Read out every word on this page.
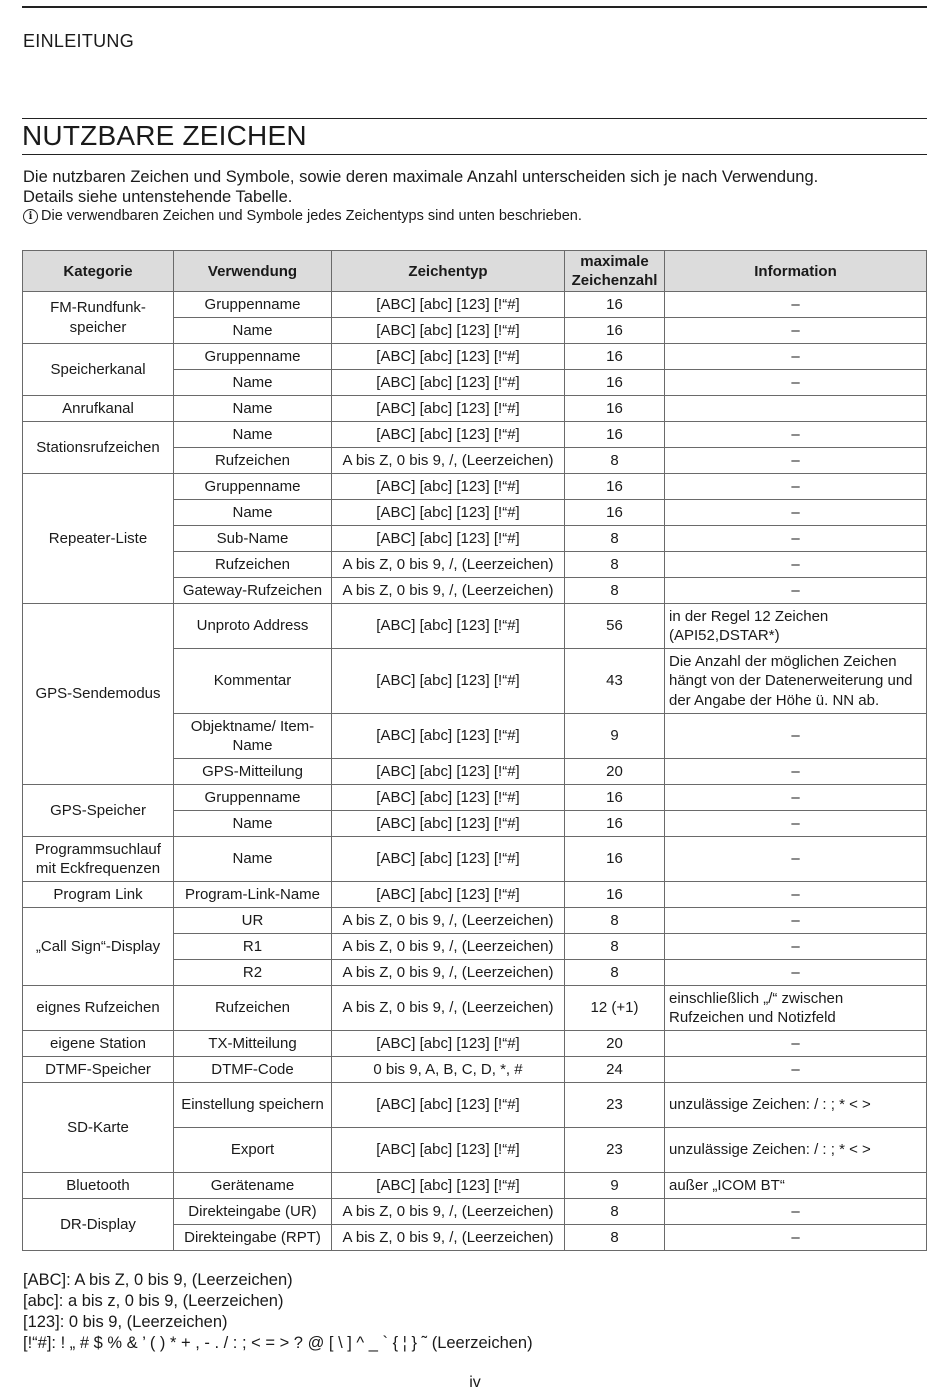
EINLEITUNG
NUTZBARE ZEICHEN
Die nutzbaren Zeichen und Symbole, sowie deren maximale Anzahl unterscheiden sich je nach Verwendung.
Details siehe untenstehende Tabelle.
i Die verwendbaren Zeichen und Symbole jedes Zeichentyps sind unten beschrieben.
Kategorie	Verwendung	Zeichentyp	maximale Zeichenzahl	Information
FM-Rundfunk-speicher	Gruppenname	[ABC] [abc] [123] [!“#]	16	–
	Name	[ABC] [abc] [123] [!“#]	16	–
Speicherkanal	Gruppenname	[ABC] [abc] [123] [!“#]	16	–
	Name	[ABC] [abc] [123] [!“#]	16	–
Anrufkanal	Name	[ABC] [abc] [123] [!“#]	16	
Stationsrufzeichen	Name	[ABC] [abc] [123] [!“#]	16	–
	Rufzeichen	A bis Z, 0 bis 9, /, (Leerzeichen)	8	–
Repeater-Liste	Gruppenname	[ABC] [abc] [123] [!“#]	16	–
	Name	[ABC] [abc] [123] [!“#]	16	–
	Sub-Name	[ABC] [abc] [123] [!“#]	8	–
	Rufzeichen	A bis Z, 0 bis 9, /, (Leerzeichen)	8	–
	Gateway-Rufzeichen	A bis Z, 0 bis 9, /, (Leerzeichen)	8	–
GPS-Sendemodus	Unproto Address	[ABC] [abc] [123] [!“#]	56	in der Regel 12 Zeichen (API52,DSTAR*)
	Kommentar	[ABC] [abc] [123] [!“#]	43	Die Anzahl der möglichen Zeichen hängt von der Datenerweiterung und der Angabe der Höhe ü. NN ab.
	Objektname/ Item-Name	[ABC] [abc] [123] [!“#]	9	–
	GPS-Mitteilung	[ABC] [abc] [123] [!“#]	20	–
GPS-Speicher	Gruppenname	[ABC] [abc] [123] [!“#]	16	–
	Name	[ABC] [abc] [123] [!“#]	16	–
Programmsuchlauf mit Eckfrequenzen	Name	[ABC] [abc] [123] [!“#]	16	–
Program Link	Program-Link-Name	[ABC] [abc] [123] [!“#]	16	–
„Call Sign“-Display	UR	A bis Z, 0 bis 9, /, (Leerzeichen)	8	–
	R1	A bis Z, 0 bis 9, /, (Leerzeichen)	8	–
	R2	A bis Z, 0 bis 9, /, (Leerzeichen)	8	–
eignes Rufzeichen	Rufzeichen	A bis Z, 0 bis 9, /, (Leerzeichen)	12 (+1)	einschließlich „/“ zwischen Rufzeichen und Notizfeld
eigene Station	TX-Mitteilung	[ABC] [abc] [123] [!“#]	20	–
DTMF-Speicher	DTMF-Code	0 bis 9, A, B, C, D, *, #	24	–
SD-Karte	Einstellung speichern	[ABC] [abc] [123] [!“#]	23	unzulässige Zeichen: / : ; * < >
	Export	[ABC] [abc] [123] [!“#]	23	unzulässige Zeichen: / : ; * < >
Bluetooth	Gerätename	[ABC] [abc] [123] [!“#]	9	außer „ICOM BT“
DR-Display	Direkteingabe (UR)	A bis Z, 0 bis 9, /, (Leerzeichen)	8	–
	Direkteingabe (RPT)	A bis Z, 0 bis 9, /, (Leerzeichen)	8	–
[ABC]: A bis Z, 0 bis 9, (Leerzeichen)
[abc]: a bis z, 0 bis 9, (Leerzeichen)
[123]: 0 bis 9, (Leerzeichen)
[!“#]: ! „ # $ % & ’ ( ) * + , - . / : ; < = > ? @ [ \ ] ^ _ ` { ¦ } ˜ (Leerzeichen)
iv
